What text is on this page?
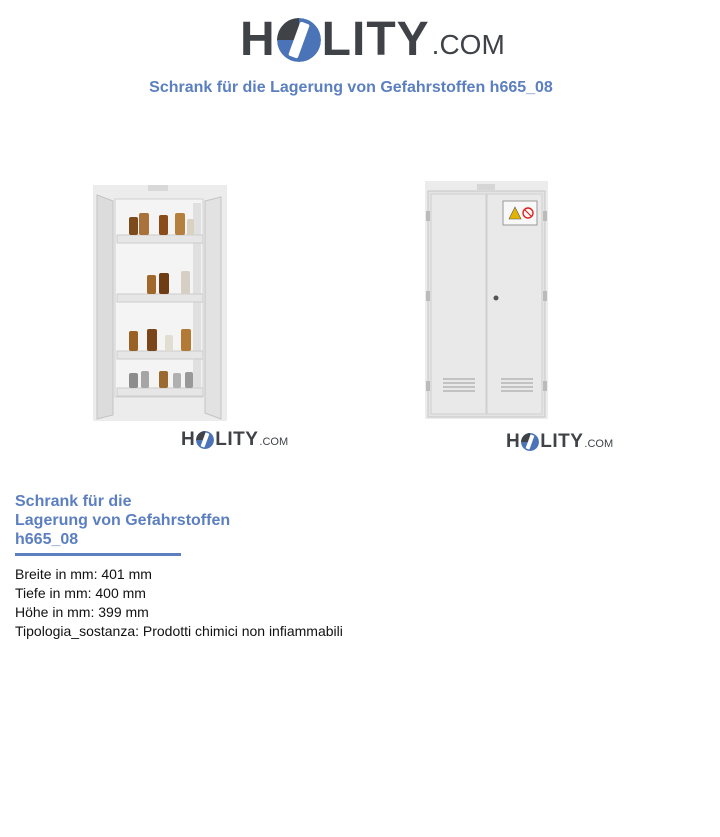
H LITY .COM
Schrank für die Lagerung von Gefahrstoffen h665_08
H LITY .COM	H LITY .COM
Schrank für die
Lagerung von Gefahrstoffen
h665_08
Breite in mm: 401 mm
Tiefe in mm: 400 mm
Höhe in mm: 399 mm
Tipologia_sostanza: Prodotti chimici non infiammabili
